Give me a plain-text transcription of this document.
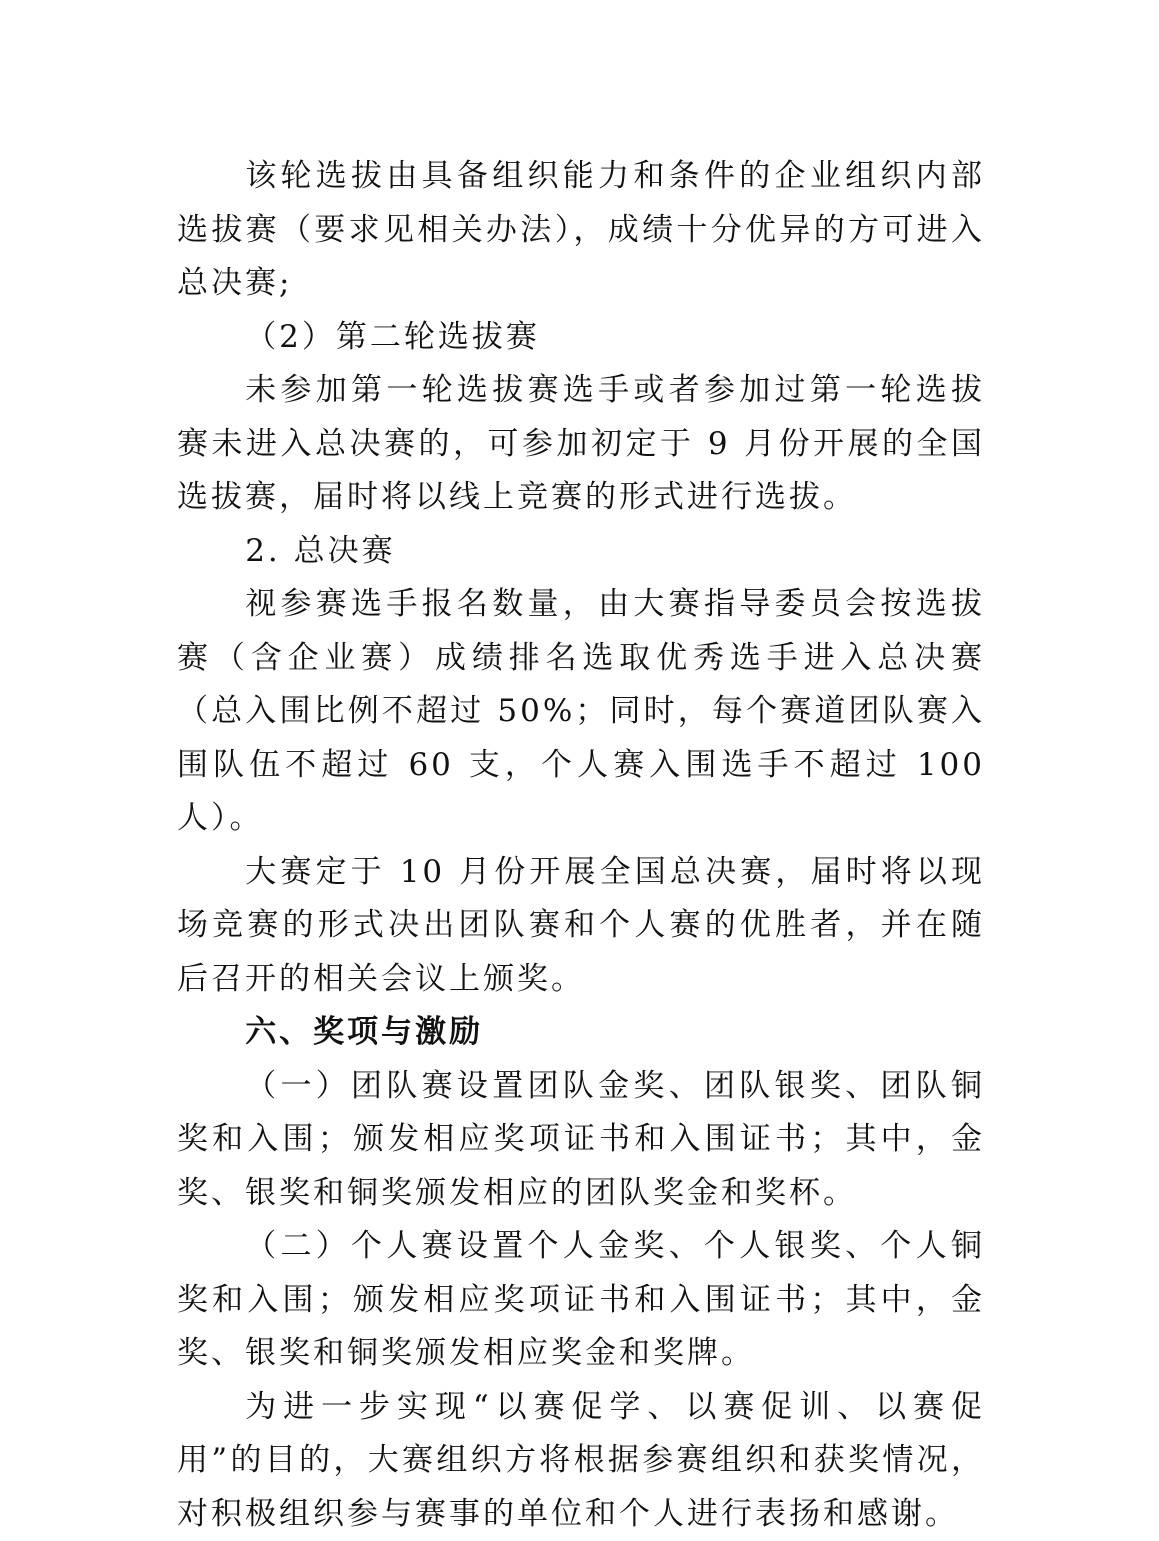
该轮选拔由具备组织能力和条件的企业组织内部选拔赛（要求见相关办法），成绩十分优异的方可进入总决赛;

（2）第二轮选拔赛

未参加第一轮选拔赛选手或者参加过第一轮选拔赛未进入总决赛的，可参加初定于 9 月份开展的全国选拔赛，届时将以线上竞赛的形式进行选拔。

2. 总决赛

视参赛选手报名数量，由大赛指导委员会按选拔赛（含企业赛）成绩排名选取优秀选手进入总决赛（总入围比例不超过 50%；同时，每个赛道团队赛入围队伍不超过 60 支，个人赛入围选手不超过 100 人）。

大赛定于 10 月份开展全国总决赛，届时将以现场竞赛的形式决出团队赛和个人赛的优胜者，并在随后召开的相关会议上颁奖。

六、奖项与激励

（一）团队赛设置团队金奖、团队银奖、团队铜奖和入围；颁发相应奖项证书和入围证书；其中，金奖、银奖和铜奖颁发相应的团队奖金和奖杯。

（二）个人赛设置个人金奖、个人银奖、个人铜奖和入围；颁发相应奖项证书和入围证书；其中，金奖、银奖和铜奖颁发相应奖金和奖牌。

为进一步实现“以赛促学、以赛促训、以赛促用”的目的，大赛组织方将根据参赛组织和获奖情况，对积极组织参与赛事的单位和个人进行表扬和感谢。
